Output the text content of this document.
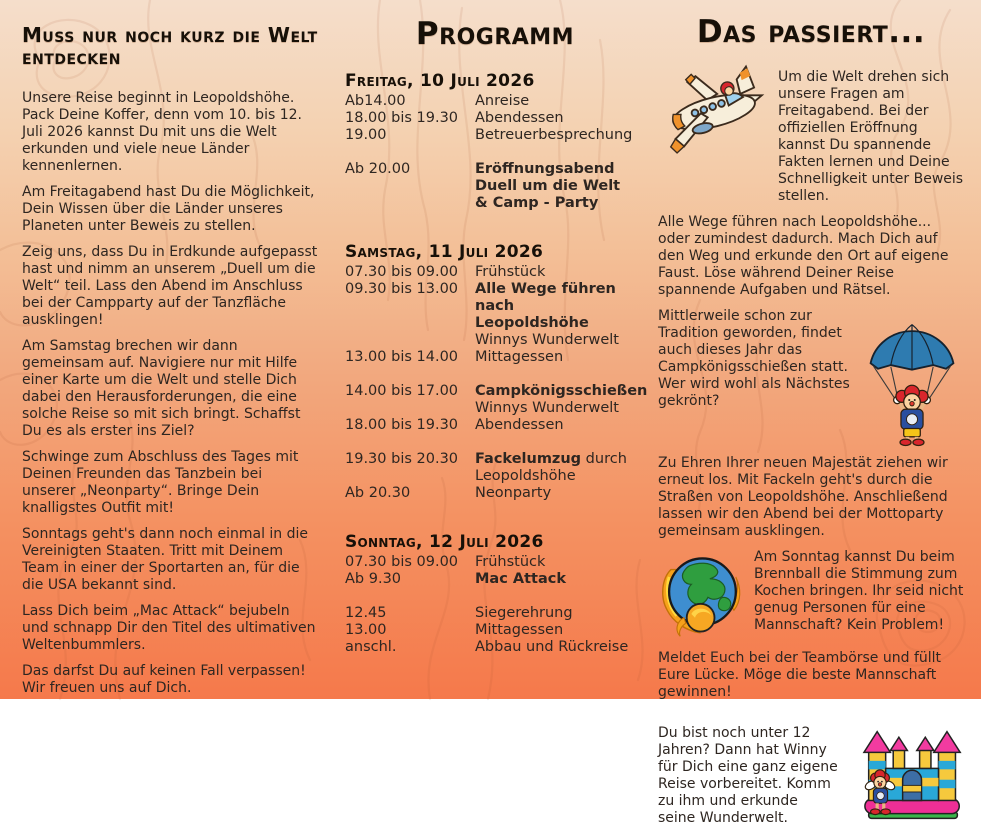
Muss nur noch kurz die Welt entdecken

Unsere Reise beginnt in Leopoldshöhe. Pack Deine Koffer, denn vom 10. bis 12. Juli 2026 kannst Du mit uns die Welt erkunden und viele neue Länder kennenlernen.

Am Freitagabend hast Du die Möglichkeit, Dein Wissen über die Länder unseres Planeten unter Beweis zu stellen.

Zeig uns, dass Du in Erdkunde aufgepasst hast und nimm an unserem „Duell um die Welt“ teil. Lass den Abend im Anschluss bei der Campparty auf der Tanzfläche ausklingen!

Am Samstag brechen wir dann gemeinsam auf. Navigiere nur mit Hilfe einer Karte um die Welt und stelle Dich dabei den Herausforderungen, die eine solche Reise so mit sich bringt. Schaffst Du es als erster ins Ziel?

Schwinge zum Abschluss des Tages mit Deinen Freunden das Tanzbein bei unserer „Neonparty“. Bringe Dein knalligstes Outfit mit!

Sonntags geht's dann noch einmal in die Vereinigten Staaten. Tritt mit Deinem Team in einer der Sportarten an, für die die USA bekannt sind.

Lass Dich beim „Mac Attack“ bejubeln und schnapp Dir den Titel des ultimativen Weltenbummlers.

Das darfst Du auf keinen Fall verpassen! Wir freuen uns auf Dich.

Programm
Freitag, 10 Juli 2026
Ab14.00	Anreise
18.00 bis 19.30	Abendessen
19.00	Betreuerbesprechung
Ab 20.00	Eröffnungsabend
Duell um die Welt
& Camp - Party
Samstag, 11 Juli 2026
07.30 bis 09.00	Frühstück
09.30 bis 13.00	Alle Wege führen nach
Leopoldshöhe
Winnys Wunderwelt
13.00 bis 14.00	Mittagessen
14.00 bis 17.00	Campkönigsschießen
Winnys Wunderwelt
18.00 bis 19.30	Abendessen
19.30 bis 20.30	Fackelumzug durch
Leopoldshöhe
Ab 20.30	Neonparty
Sonntag, 12 Juli 2026
07.30 bis 09.00	Frühstück
Ab 9.30	Mac Attack
12.45	Siegerehrung
13.00	Mittagessen
anschl.	Abbau und Rückreise
Das passiert...

Um die Welt drehen sich unsere Fragen am Freitagabend. Bei der offiziellen Eröffnung kannst Du spannende Fakten lernen und Deine Schnelligkeit unter Beweis stellen.

Alle Wege führen nach Leopoldshöhe... oder zumindest dadurch. Mach Dich auf den Weg und erkunde den Ort auf eigene Faust. Löse während Deiner Reise spannende Aufgaben und Rätsel.

Mittlerweile schon zur Tradition geworden, findet auch dieses Jahr das Campkönigsschießen statt. Wer wird wohl als Nächstes gekrönt?

Zu Ehren Ihrer neuen Majestät ziehen wir erneut los. Mit Fackeln geht's durch die Straßen von Leopoldshöhe. Anschließend lassen wir den Abend bei der Mottoparty gemeinsam ausklingen.

Am Sonntag kannst Du beim Brennball die Stimmung zum Kochen bringen. Ihr seid nicht genug Personen für eine Mannschaft? Kein Problem!

Meldet Euch bei der Teambörse und füllt Eure Lücke. Möge die beste Mannschaft gewinnen!

Du bist noch unter 12 Jahren? Dann hat Winny für Dich eine ganz eigene Reise vorbereitet. Komm zu ihm und erkunde seine Wunderwelt.
